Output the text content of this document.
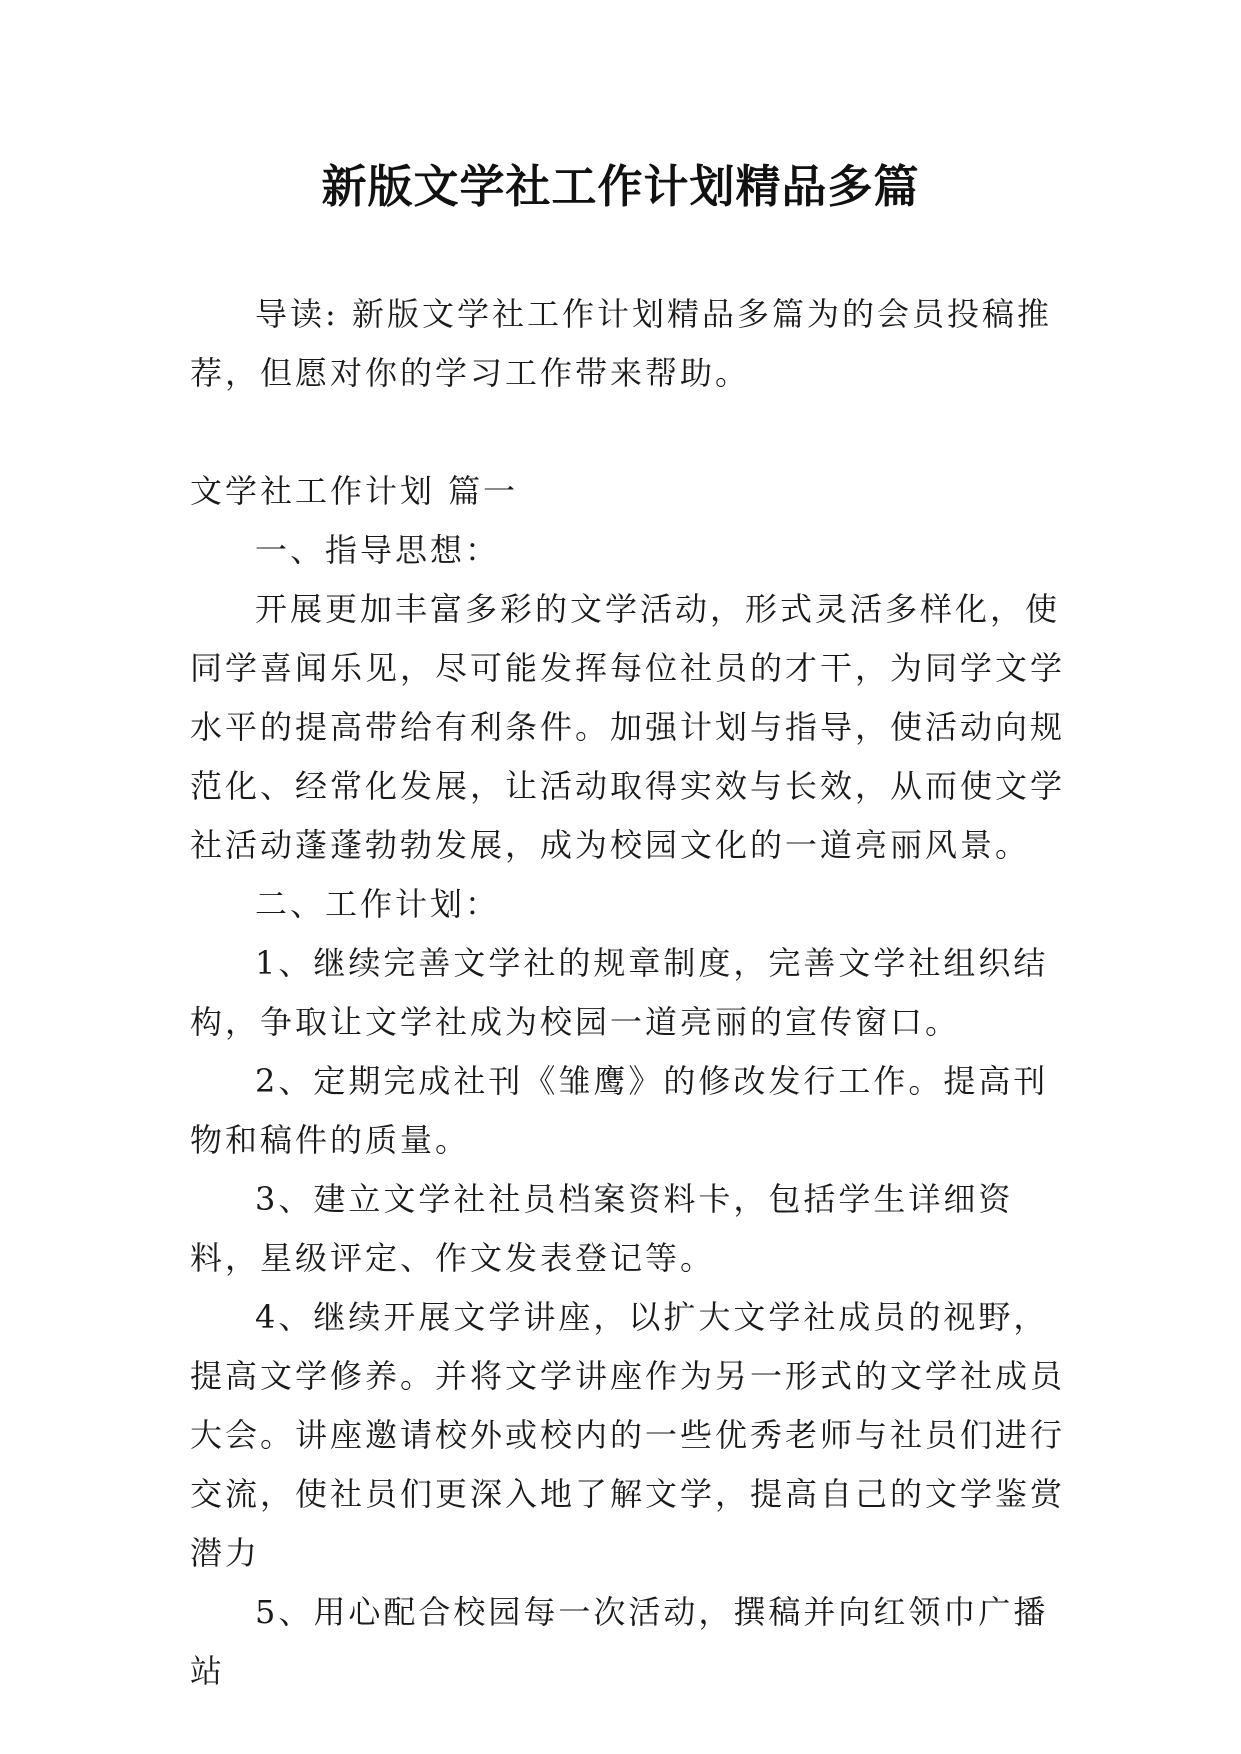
新版文学社工作计划精品多篇

导读: 新版文学社工作计划精品多篇为的会员投稿推荐，但愿对你的学习工作带来帮助。

文学社工作计划 篇一

一、指导思想：

开展更加丰富多彩的文学活动，形式灵活多样化，使同学喜闻乐见，尽可能发挥每位社员的才干，为同学文学水平的提高带给有利条件。加强计划与指导，使活动向规范化、经常化发展，让活动取得实效与长效，从而使文学社活动蓬蓬勃勃发展，成为校园文化的一道亮丽风景。

二、工作计划：

1、继续完善文学社的规章制度，完善文学社组织结构，争取让文学社成为校园一道亮丽的宣传窗口。

2、定期完成社刊《雏鹰》的修改发行工作。提高刊物和稿件的质量。

3、建立文学社社员档案资料卡，包括学生详细资料，星级评定、作文发表登记等。

4、继续开展文学讲座，以扩大文学社成员的视野，提高文学修养。并将文学讲座作为另一形式的文学社成员大会。讲座邀请校外或校内的一些优秀老师与社员们进行交流，使社员们更深入地了解文学，提高自己的文学鉴赏潜力

5、用心配合校园每一次活动，撰稿并向红领巾广播站
